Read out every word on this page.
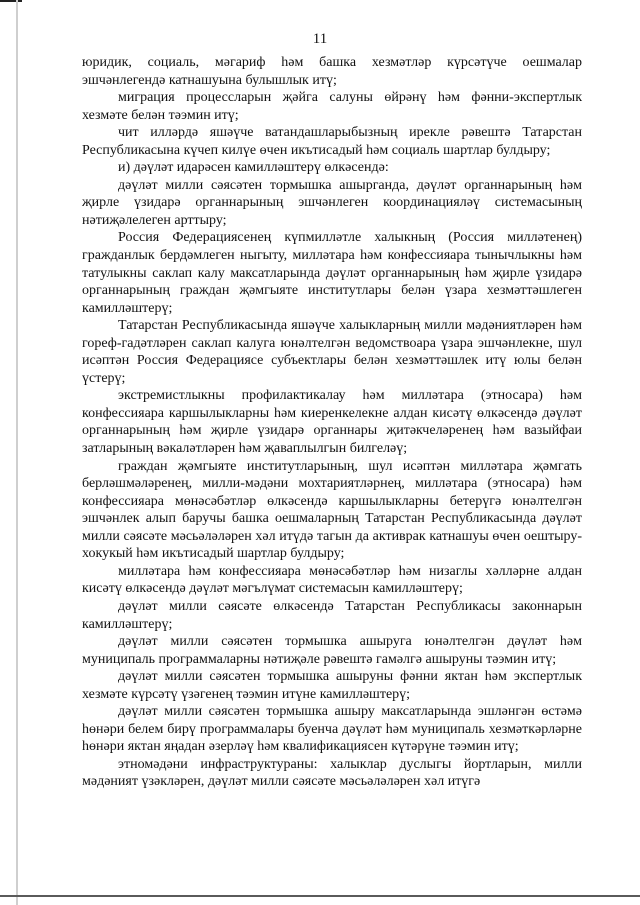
11

юридик, социаль, мәгариф һәм башка хезмәтләр күрсәтүче оешмалар эшчәнлегендә катнашуына булышлык итү;

миграция процессларын җәйга салуны өйрәнү һәм фәнни-экспертлык хезмәте белән тәэмин итү;

чит илләрдә яшәүче ватандашларыбызның ирекле рәвештә Татарстан Республикасына күчеп килүе өчен икътисадый һәм социаль шартлар булдыру;

и) дәүләт идарәсен камилләштерү өлкәсендә:

дәүләт милли сәясәтен тормышка ашырганда, дәүләт органнарының һәм җирле үзидарә органнарының эшчәнлеген координацияләү системасының нәтиҗәлелеген арттыру;

Россия Федерациясенең күпмилләтле халыкның (Россия милләтенең) гражданлык бердәмлеген ныгыту, милләтара һәм конфессияара тынычлыкны һәм татулыкны саклап калу максатларында дәүләт органнарының һәм җирле үзидарә органнарының граждан җәмгыяте институтлары белән үзара хезмәттәшлеген камилләштерү;

Татарстан Республикасында яшәүче халыкларның милли мәдәниятләрен һәм гореф-гадәтләрен саклап калуга юнәлтелгән ведомствоара үзара эшчәнлекне, шул исәптән Россия Федерациясе субъектлары белән хезмәттәшлек итү юлы белән үстерү;

экстремистлыкны профилактикалау һәм милләтара (этносара) һәм конфессияара каршылыкларны һәм киеренкелекне алдан кисәтү өлкәсендә дәүләт органнарының һәм җирле үзидарә органнары җитәкчеләренең һәм вазыйфаи затларының вәкаләтләрен һәм җаваплылгын билгеләү;

граждан җәмгыяте институтларының, шул исәптән милләтара җәмгать берләшмәләренең, милли-мәдәни мохтариятләрнең, милләтара (этносара) һәм конфессияара мөнәсәбәтләр өлкәсендә каршылыкларны бетерүгә юнәлтелгән эшчәнлек алып баручы башка оешмаларның Татарстан Республикасында дәүләт милли сәясәте мәсьәләләрен хәл итүдә тагын да активрак катнашуы өчен оештыру-хокукый һәм икътисадый шартлар булдыру;

милләтара һәм конфессияара мөнәсәбәтләр һәм низаглы хәлләрне алдан кисәтү өлкәсендә дәүләт мәгълүмат системасын камилләштерү;

дәүләт милли сәясәте өлкәсендә Татарстан Республикасы законнарын камилләштерү;

дәүләт милли сәясәтен тормышка ашыруга юнәлтелгән дәүләт һәм муниципаль программаларны нәтиҗәле рәвештә гамәлгә ашыруны тәэмин итү;

дәүләт милли сәясәтен тормышка ашыруны фәнни яктан һәм экспертлык хезмәте күрсәтү үзәгенең тәэмин итүне камилләштерү;

дәүләт милли сәясәтен тормышка ашыру максатларында эшләнгән өстәмә һөнәри белем бирү программалары буенча дәүләт һәм муниципаль хезмәткәрләрне һөнәри яктан яңадан әзерләү һәм квалификациясен күтәрүне тәэмин итү;

этномәдәни инфраструктураны: халыклар дуслыгы йортларын, милли мәдәният үзәкләрен, дәүләт милли сәясәте мәсьәләләрен хәл итүгә
